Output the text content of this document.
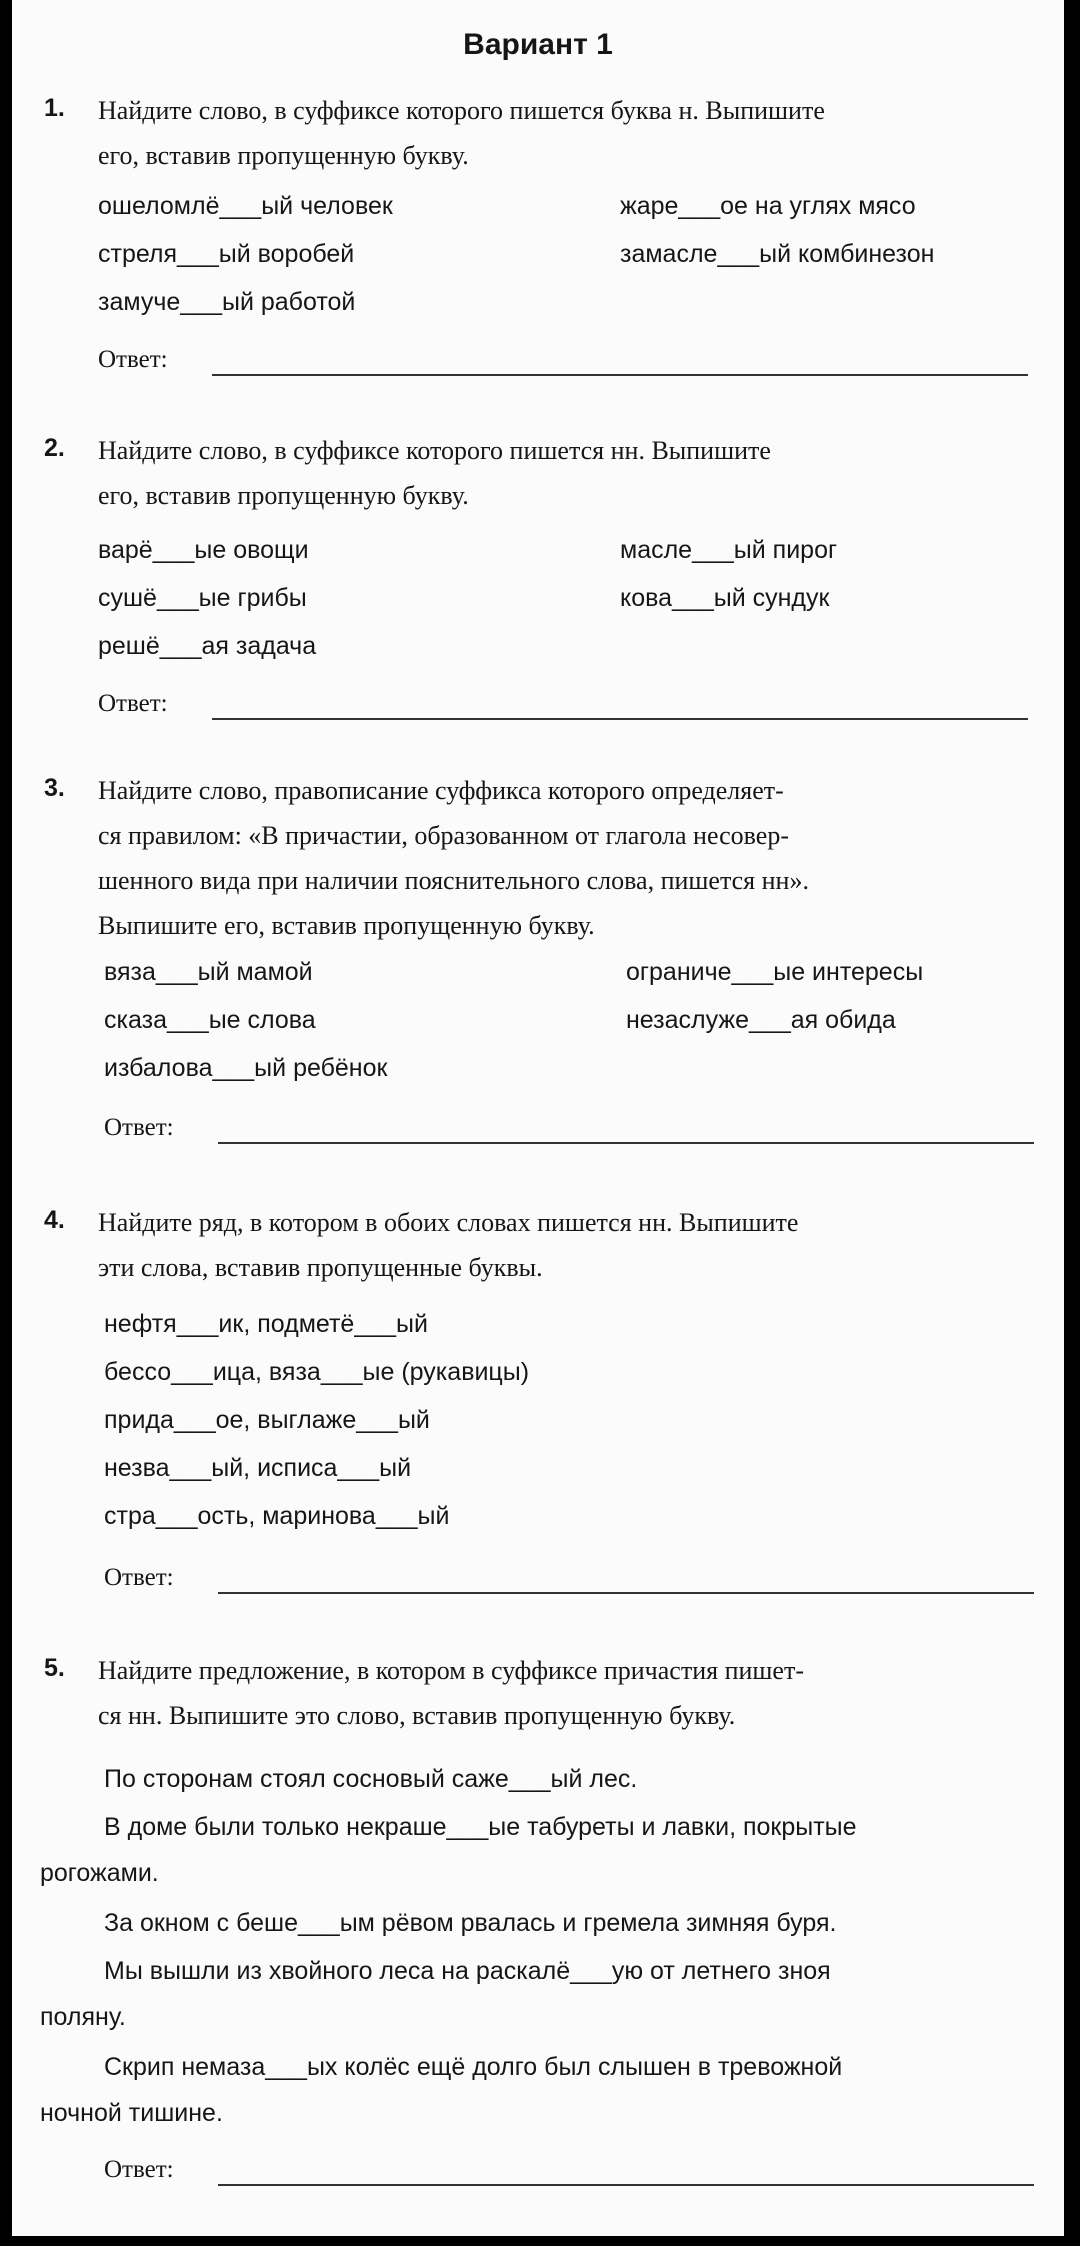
Вариант 1
1. Найдите слово, в суффиксе которого пишется буква н. Выпишите
его, вставив пропущенную букву.
ошеломлё___ый человек	жаре___ое на углях мясо
стреля___ый воробей	замасле___ый комбинезон
замуче___ый работой
Ответ:
2. Найдите слово, в суффиксе которого пишется нн. Выпишите
его, вставив пропущенную букву.
варё___ые овощи	масле___ый пирог
сушё___ые грибы	кова___ый сундук
решё___ая задача
Ответ:
3. Найдите слово, правописание суффикса которого определяет-
ся правилом: «В причастии, образованном от глагола несовер-
шенного вида при наличии пояснительного слова, пишется нн».
Выпишите его, вставив пропущенную букву.
вяза___ый мамой	ограниче___ые интересы
сказа___ые слова	незаслуже___ая обида
избалова___ый ребёнок
Ответ:
4. Найдите ряд, в котором в обоих словах пишется нн. Выпишите
эти слова, вставив пропущенные буквы.
нефтя___ик, подметё___ый
бессо___ица, вяза___ые (рукавицы)
прида___ое, выглаже___ый
незва___ый, исписа___ый
стра___ость, маринова___ый
Ответ:
5. Найдите предложение, в котором в суффиксе причастия пишет-
ся нн. Выпишите это слово, вставив пропущенную букву.
По сторонам стоял сосновый саже___ый лес.
В доме были только некраше___ые табуреты и лавки, покрытые
рогожами.
За окном с беше___ым рёвом рвалась и гремела зимняя буря.
Мы вышли из хвойного леса на раскалё___ую от летнего зноя
поляну.
Скрип немаза___ых колёс ещё долго был слышен в тревожной
ночной тишине.
Ответ:
